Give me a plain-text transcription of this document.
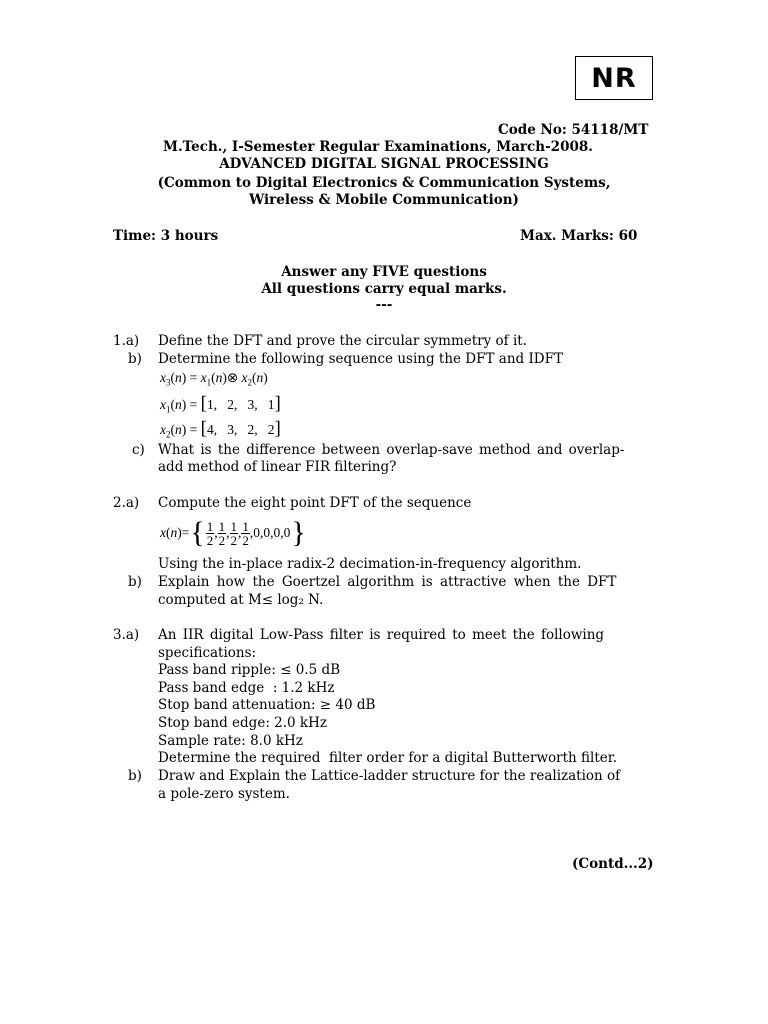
NR
Code No: 54118/MT
M.Tech., I-Semester Regular Examinations, March-2008.
ADVANCED DIGITAL SIGNAL PROCESSING
(Common to Digital Electronics & Communication Systems,
Wireless & Mobile Communication)
Time: 3 hours	Max. Marks: 60
Answer any FIVE questions
All questions carry equal marks.
---
1.a) Define the DFT and prove the circular symmetry of it.
b) Determine the following sequence using the DFT and IDFT
$x_3(n)$ = $x_1(n)\otimes$ $x_2(n)$
$x_1(n) = [1$,   2,   3,   1]
$x_2(n) = [4$,   3,   2,   2]
c) What is the difference between overlap-save method and overlap-
add method of linear FIR filtering?
2.a) Compute the eight point DFT of the sequence
x ( n )= { $\frac{1}{2}$ , $\frac{1}{2}$ , $\frac{1}{2}$ , $\frac{1}{2} ,0,0,0,0$ }
Using the in-place radix-2 decimation-in-frequency algorithm.
b) Explain how the Goertzel algorithm is attractive when the DFT
computed at M≤ log₂ N.
3.a) An IIR digital Low-Pass filter is required to meet the following
specifications:
Pass band ripple: ≤ 0.5 dB
Pass band edge  : 1.2 kHz
Stop band attenuation: ≥ 40 dB
Stop band edge: 2.0 kHz
Sample rate: 8.0 kHz
Determine the required  filter order for a digital Butterworth filter.
b) Draw and Explain the Lattice-ladder structure for the realization of
a pole-zero system.
(Contd...2)
